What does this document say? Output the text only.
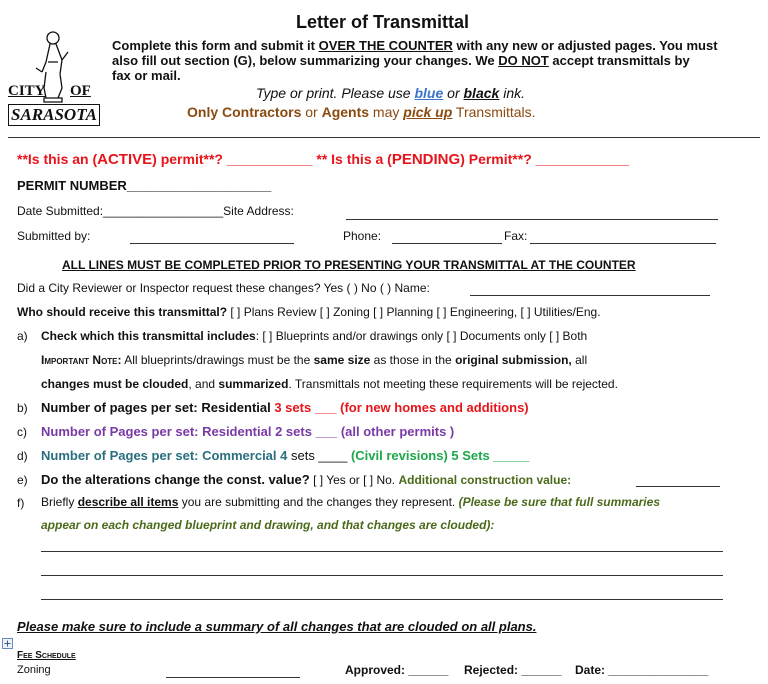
CITY OF
SARASOTA
Letter of Transmittal
Complete this form and submit it OVER THE COUNTER with any new or adjusted pages. You must
also fill out section (G), below summarizing your changes. We DO NOT accept transmittals by
fax or mail.
Type or print. Please use blue or black ink.
Only Contractors or Agents may pick up Transmittals.
**Is this an (ACTIVE) permit**? ___________ ** Is this a (PENDING) Permit**? ____________
PERMIT NUMBER____________________
Date Submitted:__________________Site Address:
Submitted by:	Phone:	Fax:
ALL LINES MUST BE COMPLETED PRIOR TO PRESENTING YOUR TRANSMITTAL AT THE COUNTER
Did a City Reviewer or Inspector request these changes? Yes ( ) No ( ) Name:
Who should receive this transmittal? [ ] Plans Review [ ] Zoning [ ] Planning [ ] Engineering, [ ] Utilities/Eng.
a) Check which this transmittal includes: [ ] Blueprints and/or drawings only [ ] Documents only [ ] Both
Important Note: All blueprints/drawings must be the same size as those in the original submission, all
changes must be clouded, and summarized. Transmittals not meeting these requirements will be rejected.
b) Number of pages per set: Residential 3 sets ___ (for new homes and additions)
c) Number of Pages per set: Residential 2 sets ___ (all other permits )
d) Number of Pages per set: Commercial 4 sets ____ (Civil revisions) 5 Sets _____
e) Do the alterations change the const. value? [ ] Yes or [ ] No. Additional construction value:
f) Briefly describe all items you are submitting and the changes they represent. (Please be sure that full summaries
appear on each changed blueprint and drawing, and that changes are clouded):
Please make sure to include a summary of all changes that are clouded on all plans.
Fee Schedule
Zoning	Approved: ______ Rejected: ______ Date: _______________
